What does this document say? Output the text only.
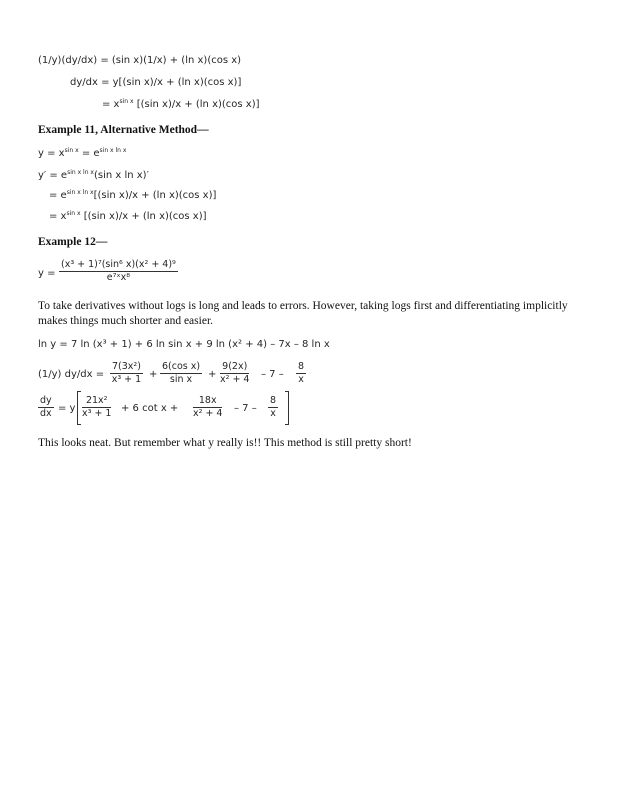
(1/y)(dy/dx) = (sin x)(1/x) + (ln x)(cos x)
dy/dx = y[(sin x)/x + (ln x)(cos x)]
= $x^{sin x}$ [(sin x)/x + (ln x)(cos x)]
Example 11, Alternative Method—
$y = x^{sin x} = e^{sin x ln x}$
$y' = e^{sin x ln x}(\sin$ x ln x)′
= $e^{sin x ln x}[(\sin$ x)/x + (ln x)(cos x)]
= $x^{sin x}$ [(sin x)/x + (ln x)(cos x)]
Example 12—
$y = \frac{\text{(x³ + 1)⁷(sin⁶ x)(x² + 4)⁹}}{\text{e⁷ˣx⁸}}$
To take derivatives without logs is long and leads to errors. However, taking logs first and differentiating implicitly makes things much shorter and easier.
ln y = 7 ln (x³ + 1) + 6 ln sin x + 9 ln (x² + 4) – 7x – 8 ln x
(1/y) $dy/dx = \frac{\text{7(3x²)}}{\text{x³ + 1}} + \frac{\text{6(cos x)}}{\text{sin x}} + \frac{9(2x)}{\text{x² + 4}} - 7 - \frac{8}{x}$
$\frac{dy}{dx} = y \frac{\text{21x²}}{\text{x³ + 1}} + 6$ $\cot x + \frac{18x}{\text{x² + 4}} - 7 - \frac{8}{x}$
This looks neat. But remember what y really is!! This method is still pretty short!
